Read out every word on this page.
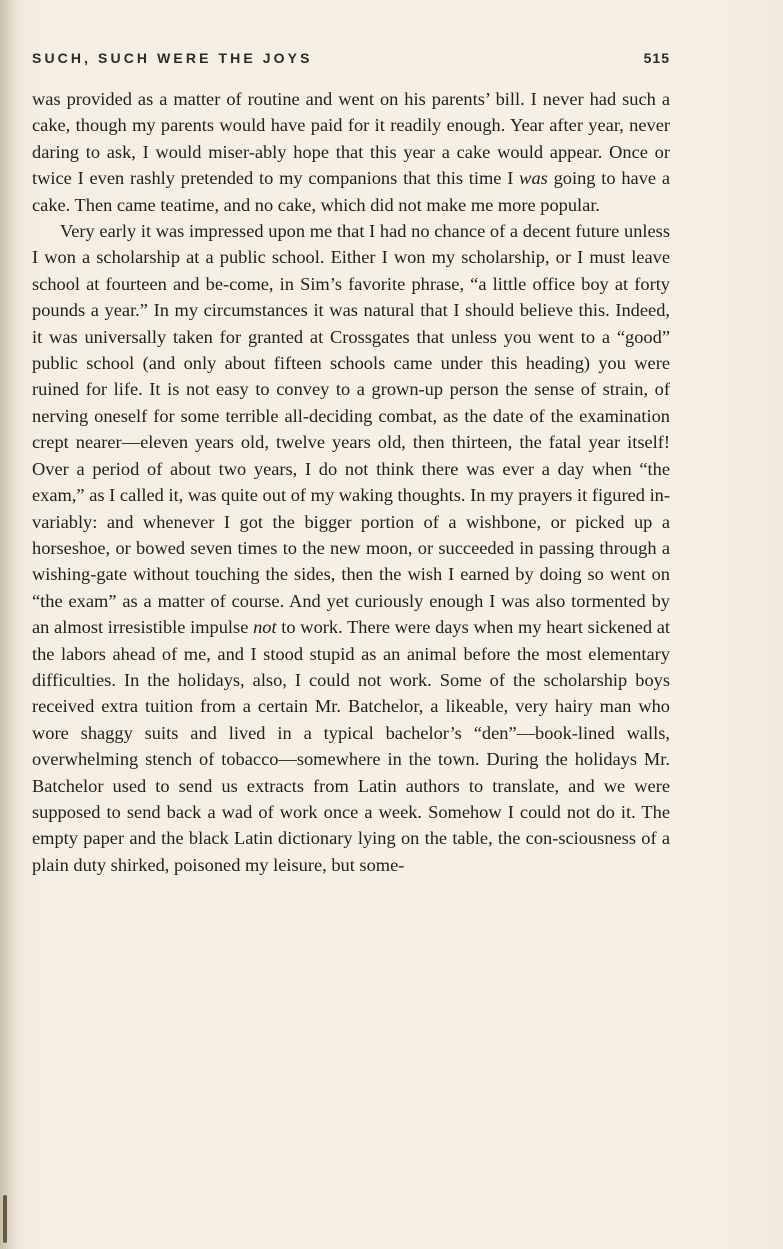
SUCH, SUCH WERE THE JOYS	515

was provided as a matter of routine and went on his parents’ bill. I never had such a cake, though my parents would have paid for it readily enough. Year after year, never daring to ask, I would miser-ably hope that this year a cake would appear. Once or twice I even rashly pretended to my companions that this time I was going to have a cake. Then came teatime, and no cake, which did not make me more popular.

Very early it was impressed upon me that I had no chance of a decent future unless I won a scholarship at a public school. Either I won my scholarship, or I must leave school at fourteen and be-come, in Sim’s favorite phrase, “a little office boy at forty pounds a year.” In my circumstances it was natural that I should believe this. Indeed, it was universally taken for granted at Crossgates that unless you went to a “good” public school (and only about fifteen schools came under this heading) you were ruined for life. It is not easy to convey to a grown-up person the sense of strain, of nerving oneself for some terrible all-deciding combat, as the date of the examination crept nearer—eleven years old, twelve years old, then thirteen, the fatal year itself! Over a period of about two years, I do not think there was ever a day when “the exam,” as I called it, was quite out of my waking thoughts. In my prayers it figured in-variably: and whenever I got the bigger portion of a wishbone, or picked up a horseshoe, or bowed seven times to the new moon, or succeeded in passing through a wishing-gate without touching the sides, then the wish I earned by doing so went on “the exam” as a matter of course. And yet curiously enough I was also tormented by an almost irresistible impulse not to work. There were days when my heart sickened at the labors ahead of me, and I stood stupid as an animal before the most elementary difficulties. In the holidays, also, I could not work. Some of the scholarship boys received extra tuition from a certain Mr. Batchelor, a likeable, very hairy man who wore shaggy suits and lived in a typical bachelor’s “den”—book-lined walls, overwhelming stench of tobacco—somewhere in the town. During the holidays Mr. Batchelor used to send us extracts from Latin authors to translate, and we were supposed to send back a wad of work once a week. Somehow I could not do it. The empty paper and the black Latin dictionary lying on the table, the con-sciousness of a plain duty shirked, poisoned my leisure, but some-
